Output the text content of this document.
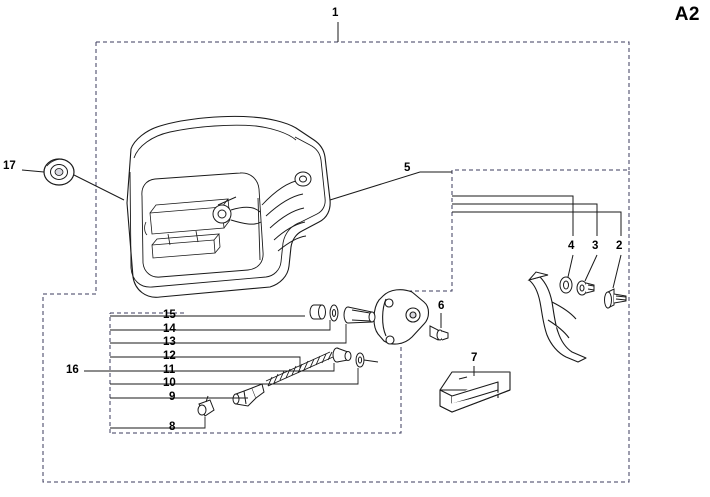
A2
1
17	5
4 3 2
15
14
13
12
11
10
9
8
16
6
7
